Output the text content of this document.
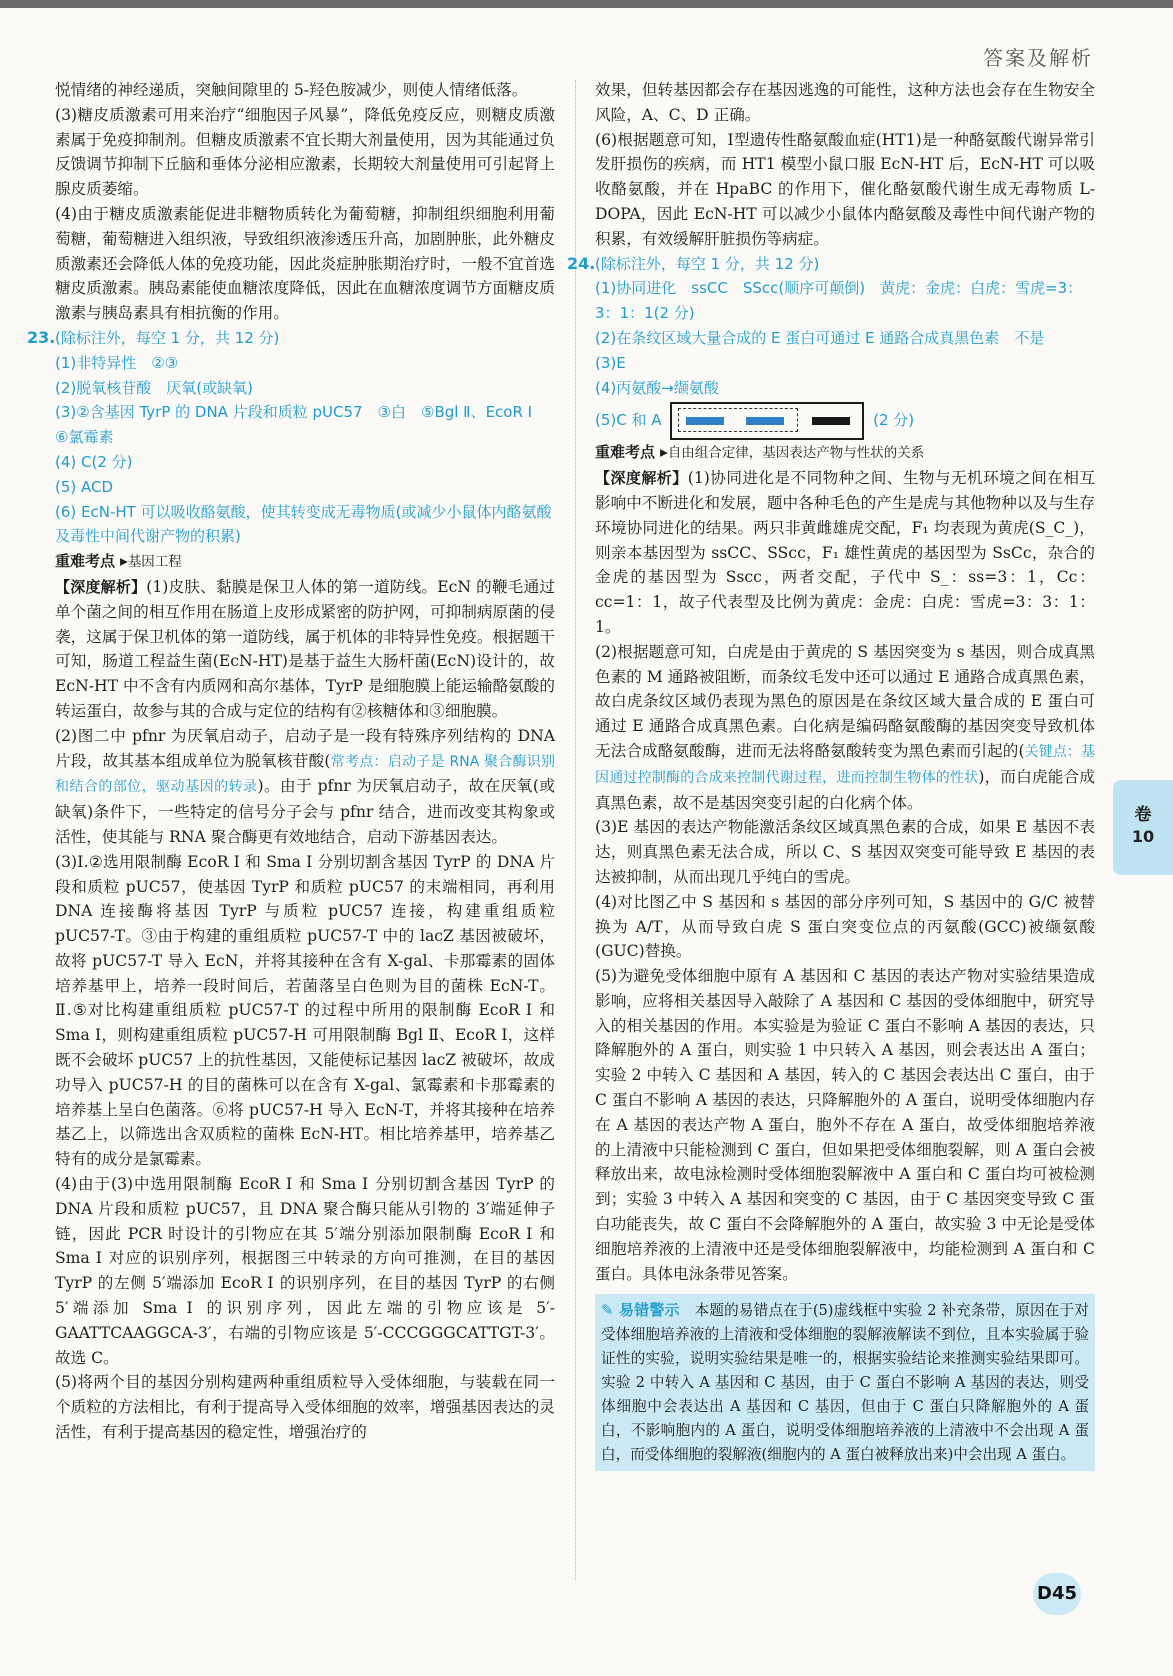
答案及解析

悦情绪的神经递质，突触间隙里的 5-羟色胺减少，则使人情绪低落。

(3)糖皮质激素可用来治疗“细胞因子风暴”，降低免疫反应，则糖皮质激素属于免疫抑制剂。但糖皮质激素不宜长期大剂量使用，因为其能通过负反馈调节抑制下丘脑和垂体分泌相应激素，长期较大剂量使用可引起肾上腺皮质萎缩。

(4)由于糖皮质激素能促进非糖物质转化为葡萄糖，抑制组织细胞利用葡萄糖，葡萄糖进入组织液，导致组织液渗透压升高，加剧肿胀，此外糖皮质激素还会降低人体的免疫功能，因此炎症肿胀期治疗时，一般不宜首选糖皮质激素。胰岛素能使血糖浓度降低，因此在血糖浓度调节方面糖皮质激素与胰岛素具有相抗衡的作用。

23.(除标注外，每空 1 分，共 12 分)

(1)非特异性　②③

(2)脱氧核苷酸　厌氧(或缺氧)

(3)②含基因 TyrP 的 DNA 片段和质粒 pUC57　③白　⑤Bgl Ⅱ、EcoR Ⅰ　⑥氯霉素

(4) C(2 分)

(5) ACD

(6) EcN-HT 可以吸收酪氨酸，使其转变成无毒物质(或减少小鼠体内酪氨酸及毒性中间代谢产物的积累)

重难考点 ▸基因工程

【深度解析】(1)皮肤、黏膜是保卫人体的第一道防线。EcN 的鞭毛通过单个菌之间的相互作用在肠道上皮形成紧密的防护网，可抑制病原菌的侵袭，这属于保卫机体的第一道防线，属于机体的非特异性免疫。根据题干可知，肠道工程益生菌(EcN-HT)是基于益生大肠杆菌(EcN)设计的，故 EcN-HT 中不含有内质网和高尔基体，TyrP 是细胞膜上能运输酪氨酸的转运蛋白，故参与其的合成与定位的结构有②核糖体和③细胞膜。

(2)图二中 pfnr 为厌氧启动子，启动子是一段有特殊序列结构的 DNA 片段，故其基本组成单位为脱氧核苷酸(常考点：启动子是 RNA 聚合酶识别和结合的部位，驱动基因的转录)。由于 pfnr 为厌氧启动子，故在厌氧(或缺氧)条件下，一些特定的信号分子会与 pfnr 结合，进而改变其构象或活性，使其能与 RNA 聚合酶更有效地结合，启动下游基因表达。

(3)Ⅰ.②选用限制酶 EcoR Ⅰ 和 Sma Ⅰ 分别切割含基因 TyrP 的 DNA 片段和质粒 pUC57，使基因 TyrP 和质粒 pUC57 的末端相同，再利用 DNA 连接酶将基因 TyrP 与质粒 pUC57 连接，构建重组质粒 pUC57-T。③由于构建的重组质粒 pUC57-T 中的 lacZ 基因被破坏，故将 pUC57-T 导入 EcN，并将其接种在含有 X-gal、卡那霉素的固体培养基甲上，培养一段时间后，若菌落呈白色则为目的菌株 EcN-T。Ⅱ.⑤对比构建重组质粒 pUC57-T 的过程中所用的限制酶 EcoR Ⅰ 和 Sma Ⅰ，则构建重组质粒 pUC57-H 可用限制酶 Bgl Ⅱ、EcoR Ⅰ，这样既不会破坏 pUC57 上的抗性基因，又能使标记基因 lacZ 被破坏，故成功导入 pUC57-H 的目的菌株可以在含有 X-gal、氯霉素和卡那霉素的培养基上呈白色菌落。⑥将 pUC57-H 导入 EcN-T，并将其接种在培养基乙上，以筛选出含双质粒的菌株 EcN-HT。相比培养基甲，培养基乙特有的成分是氯霉素。

(4)由于(3)中选用限制酶 EcoR Ⅰ 和 Sma Ⅰ 分别切割含基因 TyrP 的 DNA 片段和质粒 pUC57，且 DNA 聚合酶只能从引物的 3′端延伸子链，因此 PCR 时设计的引物应在其 5′端分别添加限制酶 EcoR Ⅰ 和 Sma Ⅰ 对应的识别序列，根据图三中转录的方向可推测，在目的基因 TyrP 的左侧 5′端添加 EcoR Ⅰ 的识别序列，在目的基因 TyrP 的右侧 5′端添加 Sma Ⅰ 的识别序列，因此左端的引物应该是 5′-GAATTCAAGGCA-3′，右端的引物应该是 5′-CCCGGGCATTGT-3′。故选 C。

(5)将两个目的基因分别构建两种重组质粒导入受体细胞，与装载在同一个质粒的方法相比，有利于提高导入受体细胞的效率，增强基因表达的灵活性，有利于提高基因的稳定性，增强治疗的

效果，但转基因都会存在基因逃逸的可能性，这种方法也会存在生物安全风险，A、C、D 正确。

(6)根据题意可知，Ⅰ型遗传性酪氨酸血症(HT1)是一种酪氨酸代谢异常引发肝损伤的疾病，而 HT1 模型小鼠口服 EcN-HT 后，EcN-HT 可以吸收酪氨酸，并在 HpaBC 的作用下，催化酪氨酸代谢生成无毒物质 L-DOPA，因此 EcN-HT 可以减少小鼠体内酪氨酸及毒性中间代谢产物的积累，有效缓解肝脏损伤等病症。

24.(除标注外，每空 1 分，共 12 分)

(1)协同进化　ssCC　SScc(顺序可颠倒)　黄虎：金虎：白虎：雪虎=3：3：1：1(2 分)

(2)在条纹区域大量合成的 E 蛋白可通过 E 通路合成真黑色素　不是

(3)E

(4)丙氨酸→缬氨酸

(5)C 和 A	(2 分)

重难考点 ▸自由组合定律，基因表达产物与性状的关系

【深度解析】(1)协同进化是不同物种之间、生物与无机环境之间在相互影响中不断进化和发展，题中各种毛色的产生是虎与其他物种以及与生存环境协同进化的结果。两只非黄雌雄虎交配，F₁ 均表现为黄虎(S_C_)，则亲本基因型为 ssCC、SScc，F₁ 雄性黄虎的基因型为 SsCc，杂合的金虎的基因型为 Sscc，两者交配，子代中 S_：ss=3：1，Cc：cc=1：1，故子代表型及比例为黄虎：金虎：白虎：雪虎=3：3：1：1。

(2)根据题意可知，白虎是由于黄虎的 S 基因突变为 s 基因，则合成真黑色素的 M 通路被阻断，而条纹毛发中还可以通过 E 通路合成真黑色素，故白虎条纹区域仍表现为黑色的原因是在条纹区域大量合成的 E 蛋白可通过 E 通路合成真黑色素。白化病是编码酪氨酸酶的基因突变导致机体无法合成酪氨酸酶，进而无法将酪氨酸转变为黑色素而引起的(关键点：基因通过控制酶的合成来控制代谢过程，进而控制生物体的性状)，而白虎能合成真黑色素，故不是基因突变引起的白化病个体。

(3)E 基因的表达产物能激活条纹区域真黑色素的合成，如果 E 基因不表达，则真黑色素无法合成，所以 C、S 基因双突变可能导致 E 基因的表达被抑制，从而出现几乎纯白的雪虎。

(4)对比图乙中 S 基因和 s 基因的部分序列可知，S 基因中的 G/C 被替换为 A/T，从而导致白虎 S 蛋白突变位点的丙氨酸(GCC)被缬氨酸(GUC)替换。

(5)为避免受体细胞中原有 A 基因和 C 基因的表达产物对实验结果造成影响，应将相关基因导入敲除了 A 基因和 C 基因的受体细胞中，研究导入的相关基因的作用。本实验是为验证 C 蛋白不影响 A 基因的表达，只降解胞外的 A 蛋白，则实验 1 中只转入 A 基因，则会表达出 A 蛋白；实验 2 中转入 C 基因和 A 基因，转入的 C 基因会表达出 C 蛋白，由于 C 蛋白不影响 A 基因的表达，只降解胞外的 A 蛋白，说明受体细胞内存在 A 基因的表达产物 A 蛋白，胞外不存在 A 蛋白，故受体细胞培养液的上清液中只能检测到 C 蛋白，但如果把受体细胞裂解，则 A 蛋白会被释放出来，故电泳检测时受体细胞裂解液中 A 蛋白和 C 蛋白均可被检测到；实验 3 中转入 A 基因和突变的 C 基因，由于 C 基因突变导致 C 蛋白功能丧失，故 C 蛋白不会降解胞外的 A 蛋白，故实验 3 中无论是受体细胞培养液的上清液中还是受体细胞裂解液中，均能检测到 A 蛋白和 C 蛋白。具体电泳条带见答案。

✎ 易错警示　 本题的易错点在于(5)虚线框中实验 2 补充条带，原因在于对受体细胞培养液的上清液和受体细胞的裂解液解读不到位，且本实验属于验证性的实验，说明实验结果是唯一的，根据实验结论来推测实验结果即可。实验 2 中转入 A 基因和 C 基因，由于 C 蛋白不影响 A 基因的表达，则受体细胞中会表达出 A 基因和 C 基因，但由于 C 蛋白只降解胞外的 A 蛋白，不影响胞内的 A 蛋白，说明受体细胞培养液的上清液中不会出现 A 蛋白，而受体细胞的裂解液(细胞内的 A 蛋白被释放出来)中会出现 A 蛋白。

卷
10
D45
